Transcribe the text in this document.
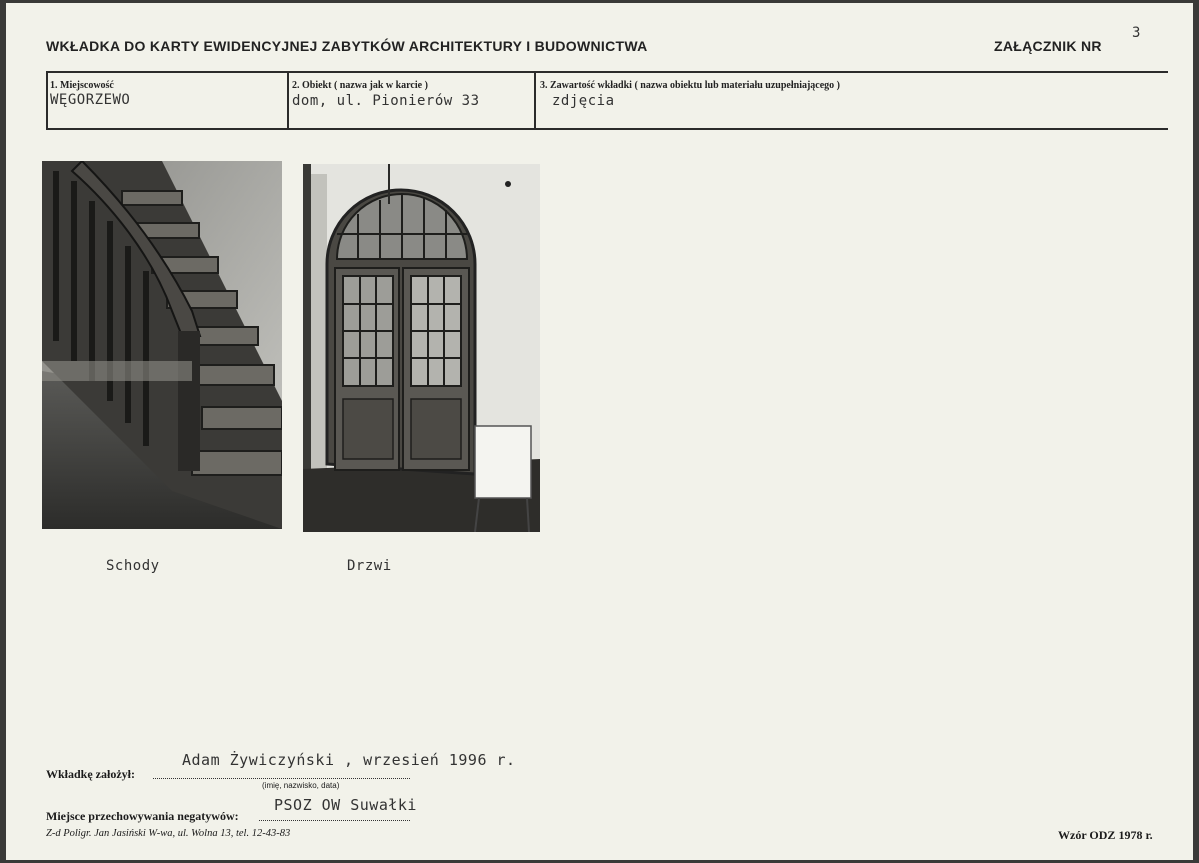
WKŁADKA DO KARTY EWIDENCYJNEJ ZABYTKÓW ARCHITEKTURY I BUDOWNICTWA	ZAŁĄCZNIK NR
3
1. Miejscowość
WĘGORZEWO
2. Obiekt ( nazwa jak w karcie )
dom, ul. Pionierów 33
3. Zawartość wkładki ( nazwa obiektu lub materiału uzupełniającego )
zdjęcia
Schody	Drzwi
Adam Żywiczyński , wrzesień 1996 r.
Wkładkę założył:
(imię, nazwisko, data)
PSOZ OW Suwałki
Miejsce przechowywania negatywów:
Z-d Poligr. Jan Jasiński W-wa, ul. Wolna 13, tel. 12-43-83	Wzór ODZ 1978 r.
